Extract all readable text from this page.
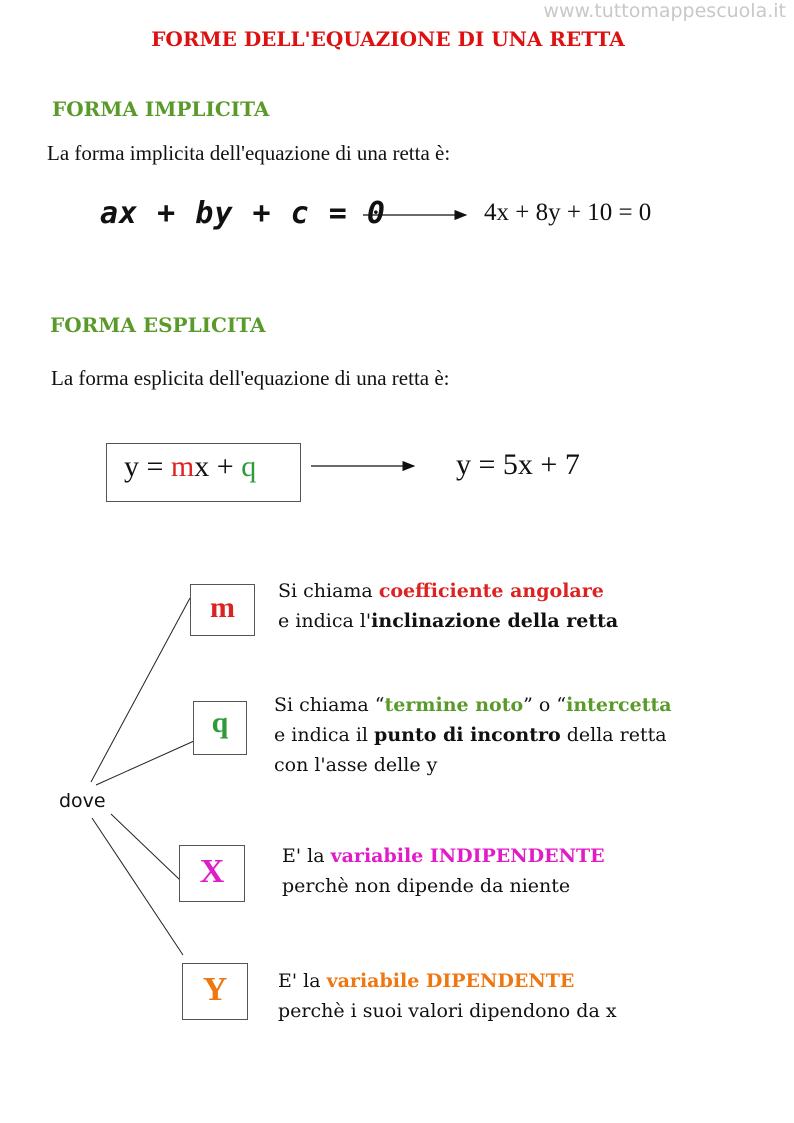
www.tuttomappescuola.it
FORME DELL'EQUAZIONE DI UNA RETTA
FORMA IMPLICITA
La forma implicita dell'equazione di una retta è:
ax + by + c = 0	4x + 8y + 10 = 0
FORMA ESPLICITA
La forma esplicita dell'equazione di una retta è:
y = mx + q	y = 5x + 7
dove
m	Si chiama coefficiente angolare
e indica l'inclinazione della retta
q
Si chiama “termine noto” o “intercetta
e indica il punto di incontro della retta
con l'asse delle y
X	E' la variabile INDIPENDENTE
perchè non dipende da niente
Y	E' la variabile DIPENDENTE
perchè i suoi valori dipendono da x
